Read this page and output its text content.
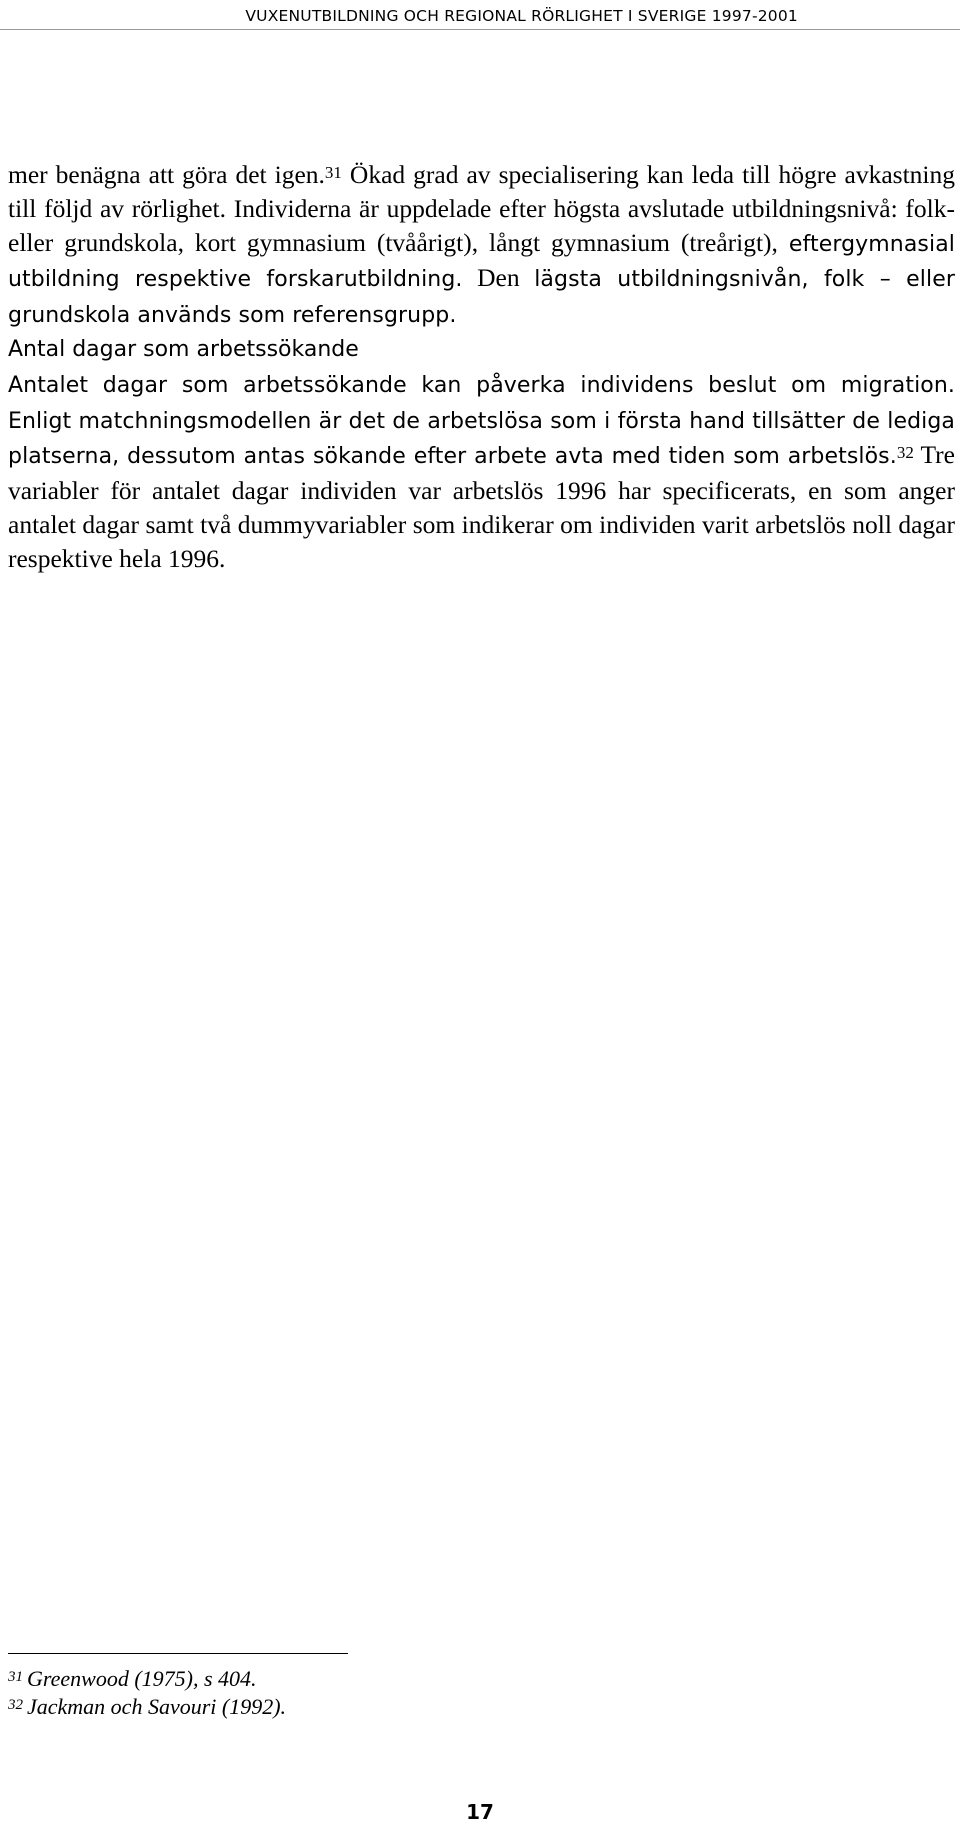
VUXENUTBILDNING OCH REGIONAL RÖRLIGHET I SVERIGE 1997-2001

mer benägna att göra det igen.$^{31}$ Ökad grad av specialisering kan leda till högre avkastning till följd av rörlighet. Individerna är uppdelade efter högsta avslutade utbildningsnivå: folk- eller grundskola, kort gymnasium (tvåårigt), långt gymnasium (treårigt), eftergymnasial utbildning respektive forskarutbildning. Den lägsta utbildningsnivån, folk – eller grundskola används som referensgrupp.

Antal dagar som arbetssökande

Antalet dagar som arbetssökande kan påverka individens beslut om migration. Enligt matchningsmodellen är det de arbetslösa som i första hand tillsätter de lediga platserna, dessutom antas sökande efter arbete avta med tiden som arbetslös.$^{32}$ Tre variabler för antalet dagar individen var arbetslös 1996 har specificerats, en som anger antalet dagar samt två dummyvariabler som indikerar om individen varit arbetslös noll dagar respektive hela 1996.

$^{31}$ Greenwood (1975), s 404.
$^{32}$ Jackman och Savouri (1992).
17
